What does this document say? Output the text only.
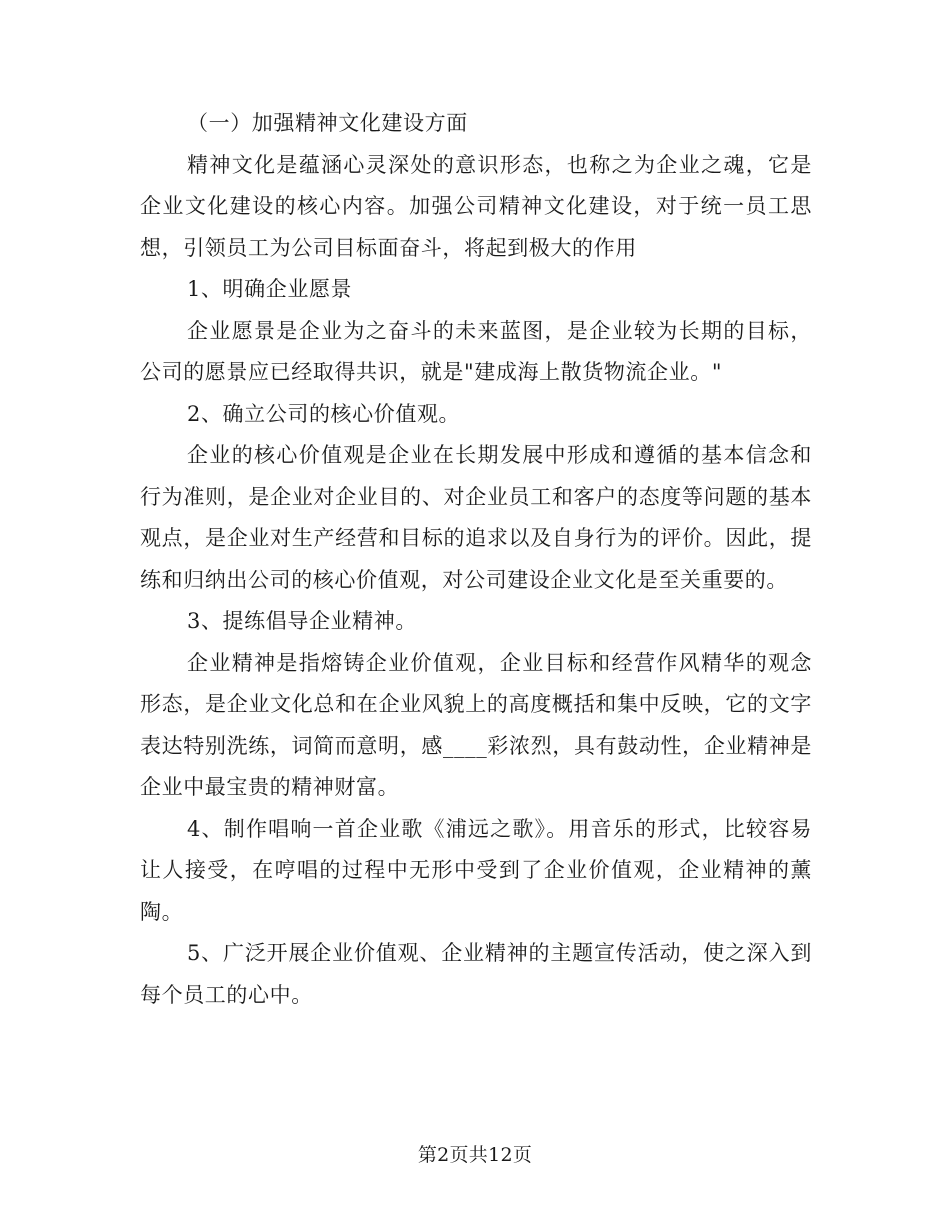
（一）加强精神文化建设方面

精神文化是蕴涵心灵深处的意识形态，也称之为企业之魂，它是企业文化建设的核心内容。加强公司精神文化建设，对于统一员工思想，引领员工为公司目标面奋斗，将起到极大的作用

1、明确企业愿景

企业愿景是企业为之奋斗的未来蓝图，是企业较为长期的目标，公司的愿景应已经取得共识，就是"建成海上散货物流企业。"

2、确立公司的核心价值观。

企业的核心价值观是企业在长期发展中形成和遵循的基本信念和行为准则，是企业对企业目的、对企业员工和客户的态度等问题的基本观点，是企业对生产经营和目标的追求以及自身行为的评价。因此，提练和归纳出公司的核心价值观，对公司建设企业文化是至关重要的。

3、提练倡导企业精神。

企业精神是指熔铸企业价值观，企业目标和经营作风精华的观念形态，是企业文化总和在企业风貌上的高度概括和集中反映，它的文字表达特别洗练，词简而意明，感____彩浓烈，具有鼓动性，企业精神是企业中最宝贵的精神财富。

4、制作唱响一首企业歌《浦远之歌》。用音乐的形式，比较容易让人接受，在哼唱的过程中无形中受到了企业价值观，企业精神的薰陶。

5、广泛开展企业价值观、企业精神的主题宣传活动，使之深入到每个员工的心中。

第2页共12页
